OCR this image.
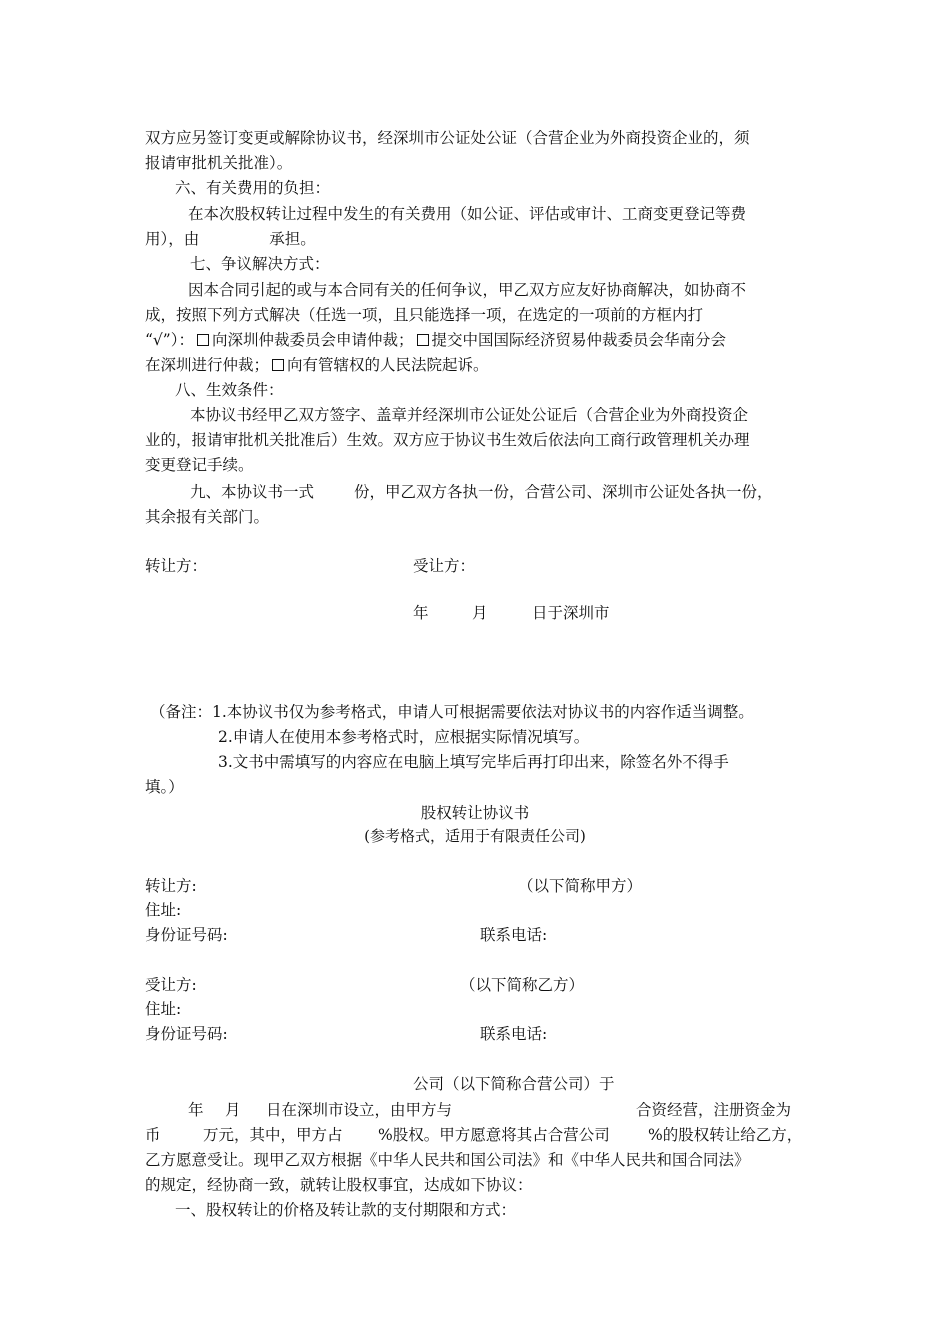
双方应另签订变更或解除协议书，经深圳市公证处公证（合营企业为外商投资企业的，须
报请审批机关批准）。
六、有关费用的负担：
在本次股权转让过程中发生的有关费用（如公证、评估或审计、工商变更登记等费
用），由	承担。
七、争议解决方式：
因本合同引起的或与本合同有关的任何争议，甲乙双方应友好协商解决，如协商不
成，按照下列方式解决（任选一项，且只能选择一项，在选定的一项前的方框内打
“√”）： 向深圳仲裁委员会申请仲裁； 提交中国国际经济贸易仲裁委员会华南分会
在深圳进行仲裁； 向有管辖权的人民法院起诉。
八、生效条件：
本协议书经甲乙双方签字、盖章并经深圳市公证处公证后（合营企业为外商投资企
业的，报请审批机关批准后）生效。双方应于协议书生效后依法向工商行政管理机关办理
变更登记手续。
九、本协议书一式	份，甲乙双方各执一份，合营公司、深圳市公证处各执一份，
其余报有关部门。
转让方：	受让方：
年	月	日于深圳市
（备注：1.本协议书仅为参考格式，申请人可根据需要依法对协议书的内容作适当调整。
2.申请人在使用本参考格式时，应根据实际情况填写。
3.文书中需填写的内容应在电脑上填写完毕后再打印出来，除签名外不得手
填。）
股权转让协议书
(参考格式，适用于有限责任公司)
转让方:	（以下简称甲方）
住址:
身份证号码:	联系电话:
受让方:	（以下简称乙方）
住址:
身份证号码:	联系电话:
公司（以下简称合营公司）于
年 月 日在深圳市设立，由甲方与	合资经营，注册资金为
币	万元，其中，甲方占 %股权。甲方愿意将其占合营公司 %的股权转让给乙方，
乙方愿意受让。现甲乙双方根据《中华人民共和国公司法》和《中华人民共和国合同法》
的规定，经协商一致，就转让股权事宜，达成如下协议：
一、股权转让的价格及转让款的支付期限和方式：
